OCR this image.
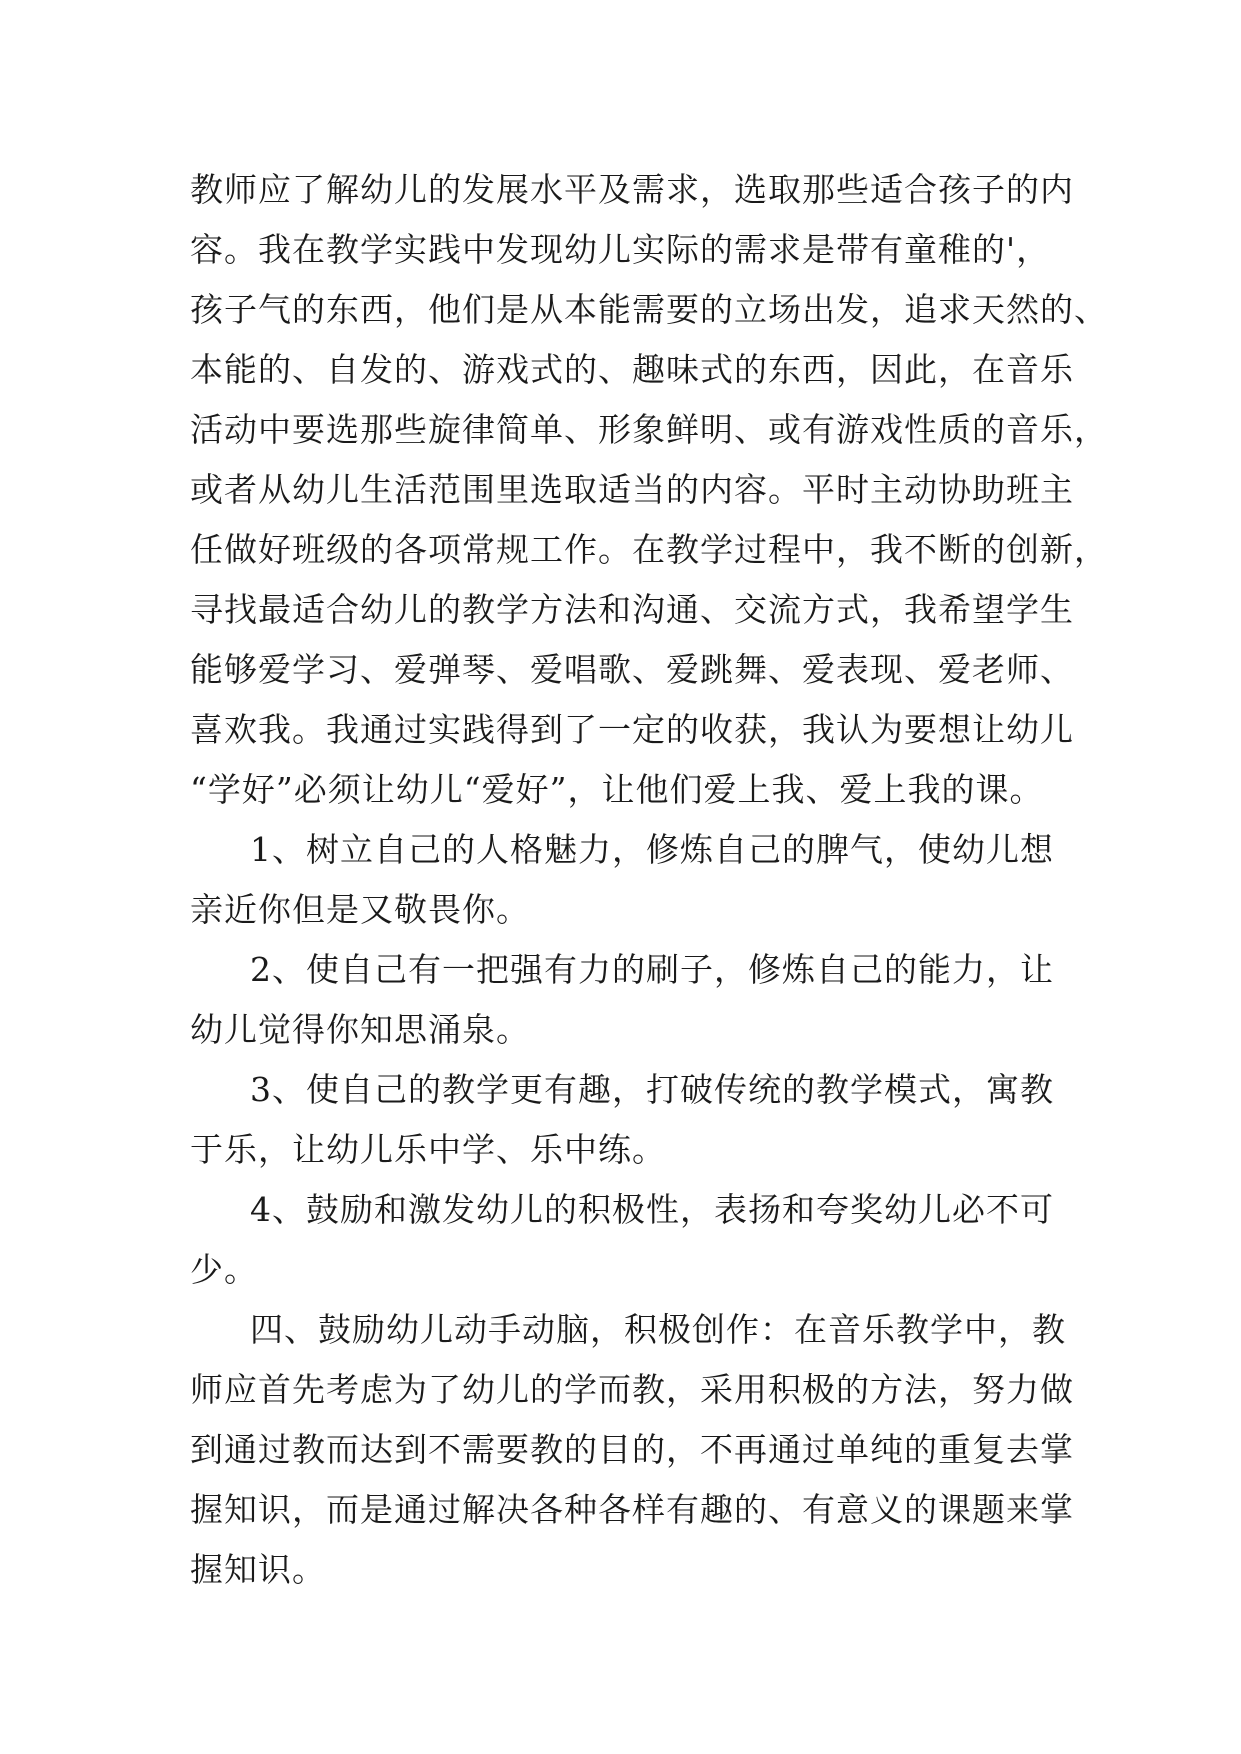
教师应了解幼儿的发展水平及需求，选取那些适合孩子的内
容。我在教学实践中发现幼儿实际的需求是带有童稚的'，
孩子气的东西，他们是从本能需要的立场出发，追求天然的、
本能的、自发的、游戏式的、趣味式的东西，因此，在音乐
活动中要选那些旋律简单、形象鲜明、或有游戏性质的音乐，
或者从幼儿生活范围里选取适当的内容。平时主动协助班主
任做好班级的各项常规工作。在教学过程中，我不断的创新，
寻找最适合幼儿的教学方法和沟通、交流方式，我希望学生
能够爱学习、爱弹琴、爱唱歌、爱跳舞、爱表现、爱老师、
喜欢我。我通过实践得到了一定的收获，我认为要想让幼儿
“学好”必须让幼儿“爱好”，让他们爱上我、爱上我的课。
1、树立自己的人格魅力，修炼自己的脾气，使幼儿想
亲近你但是又敬畏你。
2、使自己有一把强有力的刷子，修炼自己的能力，让
幼儿觉得你知思涌泉。
3、使自己的教学更有趣，打破传统的教学模式，寓教
于乐，让幼儿乐中学、乐中练。
4、鼓励和激发幼儿的积极性，表扬和夸奖幼儿必不可
少。
四、鼓励幼儿动手动脑，积极创作：在音乐教学中，教
师应首先考虑为了幼儿的学而教，采用积极的方法，努力做
到通过教而达到不需要教的目的，不再通过单纯的重复去掌
握知识，而是通过解决各种各样有趣的、有意义的课题来掌
握知识。
